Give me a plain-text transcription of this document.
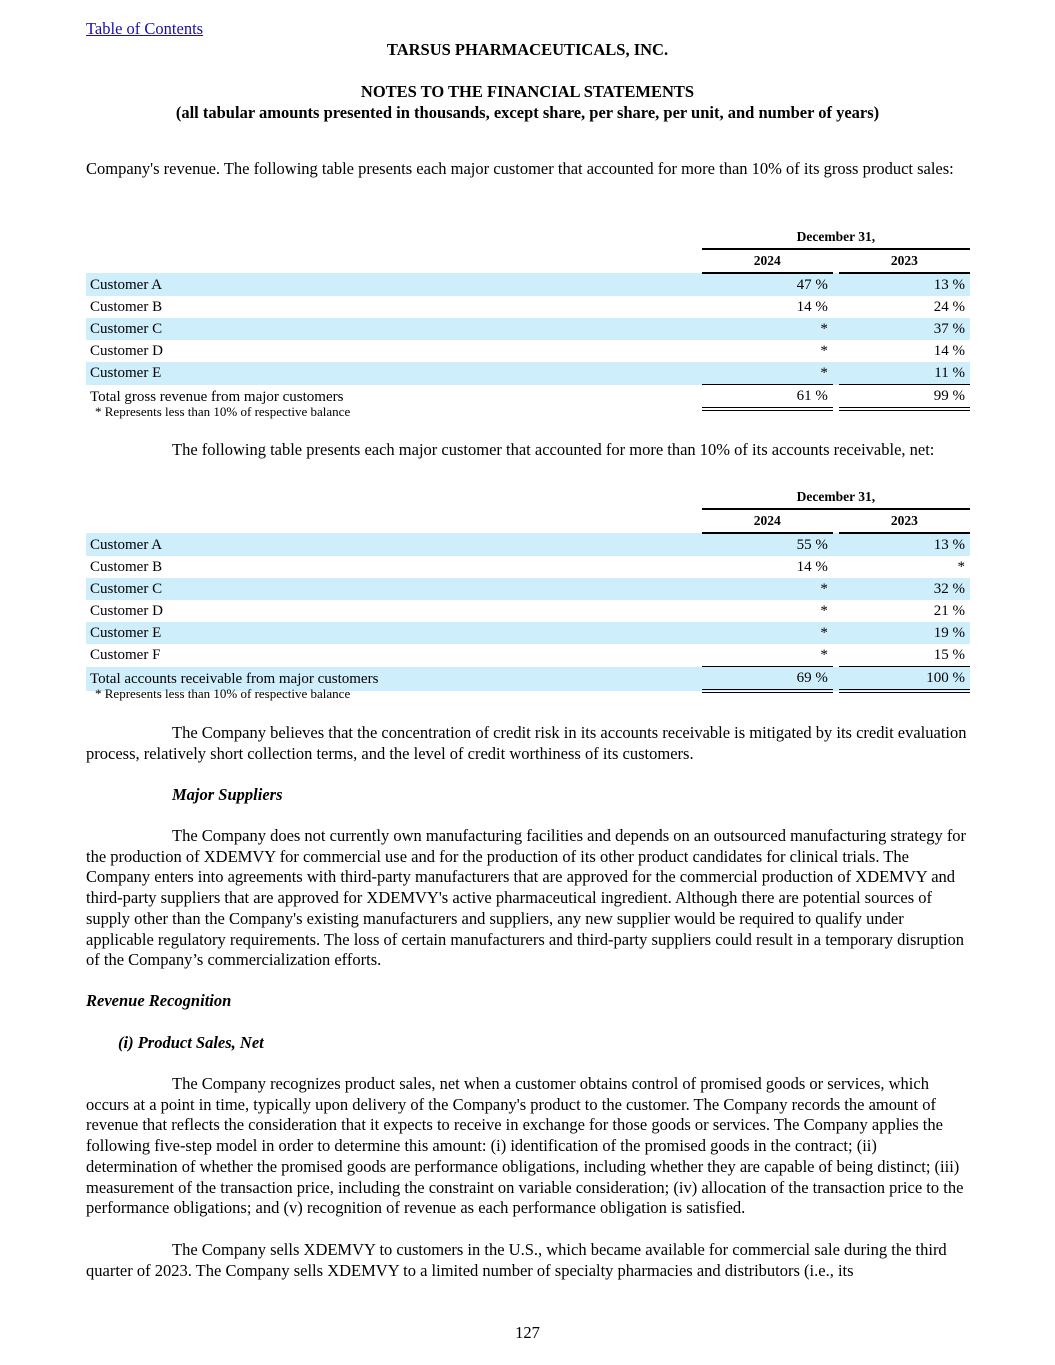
Table of Contents
TARSUS PHARMACEUTICALS, INC.
NOTES TO THE FINANCIAL STATEMENTS
(all tabular amounts presented in thousands, except share, per share, per unit, and number of years)

Company's revenue. The following table presents each major customer that accounted for more than 10% of its gross product sales:

		December 31,		
		2024		2023
Customer A		47 %		13 %
Customer B		14 %		24 %
Customer C		*		37 %
Customer D		*		14 %
Customer E		*		11 %
Total gross revenue from major customers		61 %		99 %
* Represents less than 10% of respective balance

The following table presents each major customer that accounted for more than 10% of its accounts receivable, net:

		December 31,		
		2024		2023
Customer A		55 %		13 %
Customer B		14 %		*
Customer C		*		32 %
Customer D		*		21 %
Customer E		*		19 %
Customer F		*		15 %
Total accounts receivable from major customers		69 %		100 %
* Represents less than 10% of respective balance

The Company believes that the concentration of credit risk in its accounts receivable is mitigated by its credit evaluation process, relatively short collection terms, and the level of credit worthiness of its customers.

Major Suppliers

The Company does not currently own manufacturing facilities and depends on an outsourced manufacturing strategy for the production of XDEMVY for commercial use and for the production of its other product candidates for clinical trials. The Company enters into agreements with third-party manufacturers that are approved for the commercial production of XDEMVY and third-party suppliers that are approved for XDEMVY's active pharmaceutical ingredient. Although there are potential sources of supply other than the Company's existing manufacturers and suppliers, any new supplier would be required to qualify under applicable regulatory requirements. The loss of certain manufacturers and third-party suppliers could result in a temporary disruption of the Company’s commercialization efforts.

Revenue Recognition
(i) Product Sales, Net

The Company recognizes product sales, net when a customer obtains control of promised goods or services, which occurs at a point in time, typically upon delivery of the Company's product to the customer. The Company records the amount of revenue that reflects the consideration that it expects to receive in exchange for those goods or services. The Company applies the following five-step model in order to determine this amount: (i) identification of the promised goods in the contract; (ii) determination of whether the promised goods are performance obligations, including whether they are capable of being distinct; (iii) measurement of the transaction price, including the constraint on variable consideration; (iv) allocation of the transaction price to the performance obligations; and (v) recognition of revenue as each performance obligation is satisfied.

The Company sells XDEMVY to customers in the U.S., which became available for commercial sale during the third quarter of 2023. The Company sells XDEMVY to a limited number of specialty pharmacies and distributors (i.e., its

127
